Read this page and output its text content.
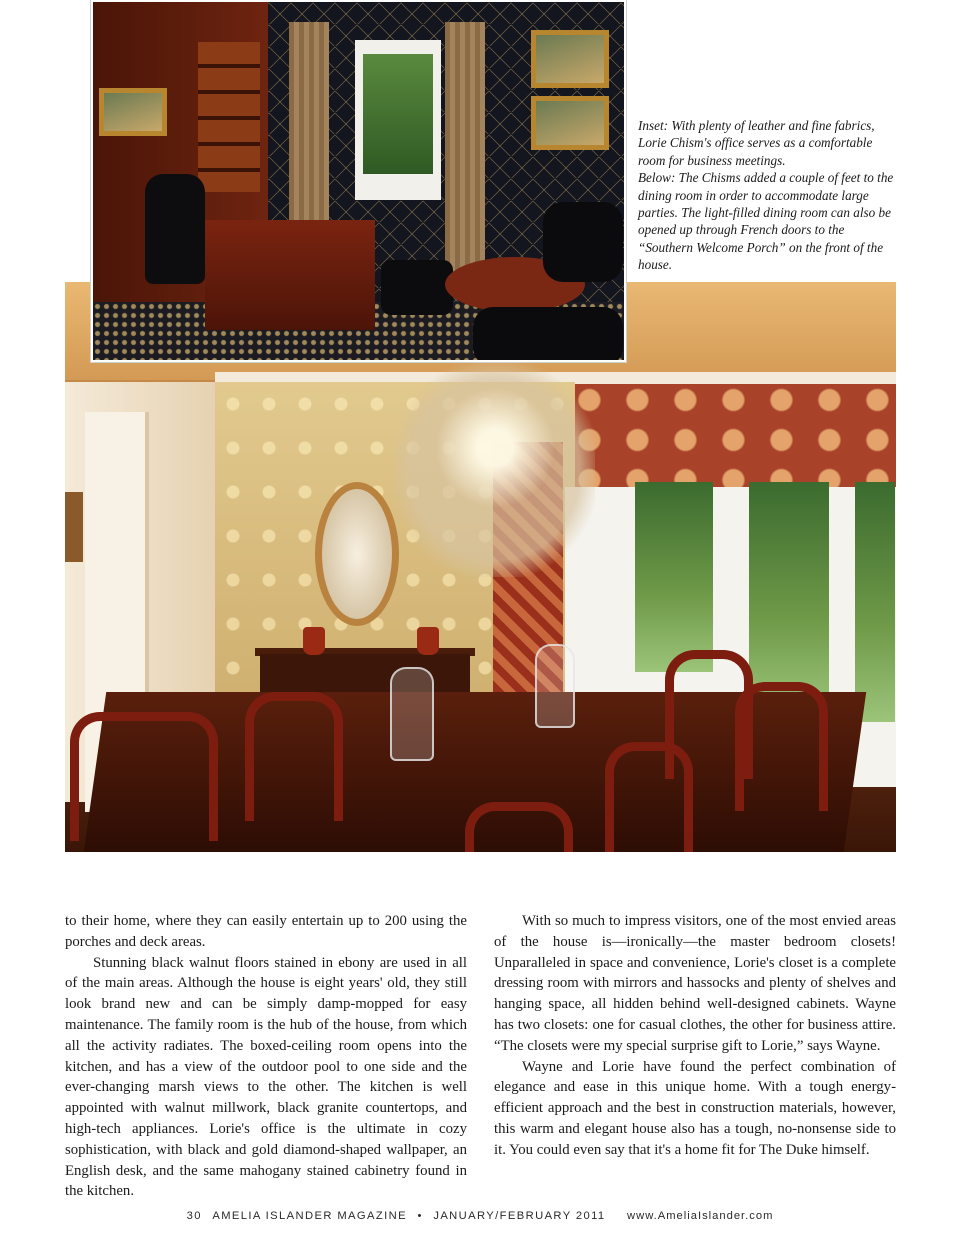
Inset: With plenty of leather and fine fabrics, Lorie Chism's office serves as a comfortable room for business meetings.

Below: The Chisms added a couple of feet to the dining room in order to accommodate large parties. The light-filled dining room can also be opened up through French doors to the “Southern Welcome Porch” on the front of the house.

to their home, where they can easily entertain up to 200 using the porches and deck areas.

Stunning black walnut floors stained in ebony are used in all of the main areas. Although the house is eight years' old, they still look brand new and can be simply damp-mopped for easy maintenance. The family room is the hub of the house, from which all the activity radiates. The boxed-ceiling room opens into the kitchen, and has a view of the outdoor pool to one side and the ever-changing marsh views to the other. The kitchen is well appointed with walnut millwork, black granite countertops, and high-tech appliances. Lorie's office is the ultimate in cozy sophistication, with black and gold diamond-shaped wallpaper, an English desk, and the same mahogany stained cabinetry found in the kitchen.

With so much to impress visitors, one of the most envied areas of the house is—ironically—the master bedroom closets! Unparalleled in space and convenience, Lorie's closet is a complete dressing room with mirrors and hassocks and plenty of shelves and hanging space, all hidden behind well-designed cabinets. Wayne has two closets: one for casual clothes, the other for business attire. “The closets were my special surprise gift to Lorie,” says Wayne.

Wayne and Lorie have found the perfect combination of elegance and ease in this unique home. With a tough energy-efficient approach and the best in construction materials, however, this warm and elegant house also has a tough, no-nonsense side to it. You could even say that it's a home fit for The Duke himself.

30 AMELIA ISLANDER MAGAZINE • JANUARY/FEBRUARY 2011 www.AmeliaIslander.com
